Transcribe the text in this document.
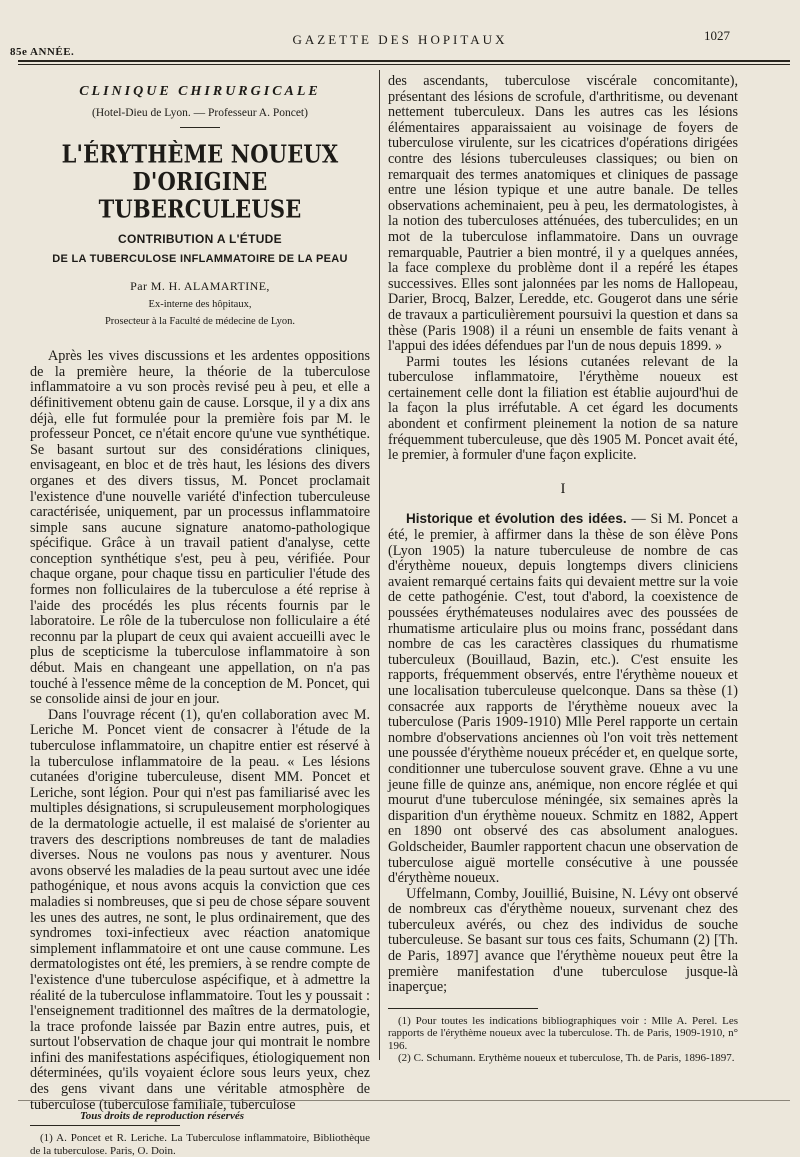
85e ANNÉE.
GAZETTE DES HOPITAUX	1027
CLINIQUE CHIRURGICALE
(Hotel-Dieu de Lyon. — Professeur A. Poncet)
L'ÉRYTHÈME NOUEUX D'ORIGINE TUBERCULEUSE
CONTRIBUTION A L'ÉTUDE
DE LA TUBERCULOSE INFLAMMATOIRE DE LA PEAU
Par M. H. ALAMARTINE,
Ex-interne des hôpitaux,
Prosecteur à la Faculté de médecine de Lyon.

Après les vives discussions et les ardentes oppositions de la première heure, la théorie de la tuberculose inflammatoire a vu son procès revisé peu à peu, et elle a définitivement obtenu gain de cause. Lorsque, il y a dix ans déjà, elle fut formulée pour la première fois par M. le professeur Poncet, ce n'était encore qu'une vue synthétique. Se basant surtout sur des considérations cliniques, envisageant, en bloc et de très haut, les lésions des divers organes et des divers tissus, M. Poncet proclamait l'existence d'une nouvelle variété d'infection tuberculeuse caractérisée, uniquement, par un processus inflammatoire simple sans aucune signature anatomo-pathologique spécifique. Grâce à un travail patient d'analyse, cette conception synthétique s'est, peu à peu, vérifiée. Pour chaque organe, pour chaque tissu en particulier l'étude des formes non folliculaires de la tuberculose a été reprise à l'aide des procédés les plus récents fournis par le laboratoire. Le rôle de la tuberculose non folliculaire a été reconnu par la plupart de ceux qui avaient accueilli avec le plus de scepticisme la tuberculose inflammatoire à son début. Mais en changeant une appellation, on n'a pas touché à l'essence même de la conception de M. Poncet, qui se consolide ainsi de jour en jour.

Dans l'ouvrage récent (1), qu'en collaboration avec M. Leriche M. Poncet vient de consacrer à l'étude de la tuberculose inflammatoire, un chapitre entier est réservé à la tuberculose inflammatoire de la peau. « Les lésions cutanées d'origine tuberculeuse, disent MM. Poncet et Leriche, sont légion. Pour qui n'est pas familiarisé avec les multiples désignations, si scrupuleusement morphologiques de la dermatologie actuelle, il est malaisé de s'orienter au travers des descriptions nombreuses de tant de maladies diverses. Nous ne voulons pas nous y aventurer. Nous avons observé les maladies de la peau surtout avec une idée pathogénique, et nous avons acquis la conviction que ces maladies si nombreuses, que si peu de chose sépare souvent les unes des autres, ne sont, le plus ordinairement, que des syndromes toxi-infectieux avec réaction anatomique simplement inflammatoire et ont une cause commune. Les dermatologistes ont été, les premiers, à se rendre compte de l'existence d'une tuberculose aspécifique, et à admettre la réalité de la tuberculose inflammatoire. Tout les y poussait : l'enseignement traditionnel des maîtres de la dermatologie, la trace profonde laissée par Bazin entre autres, puis, et surtout l'observation de chaque jour qui montrait le nombre infini des manifestations aspécifiques, étiologiquement non déterminées, qu'ils voyaient éclore sous leurs yeux, chez des gens vivant dans une véritable atmosphère de tuberculose (tuberculose familiale, tuberculose

(1) A. Poncet et R. Leriche. La Tuberculose inflammatoire, Bibliothèque de la tuberculose. Paris, O. Doin.

des ascendants, tuberculose viscérale concomitante), présentant des lésions de scrofule, d'arthritisme, ou devenant nettement tuberculeux. Dans les autres cas les lésions élémentaires apparaissaient au voisinage de foyers de tuberculose virulente, sur les cicatrices d'opérations dirigées contre des lésions tuberculeuses classiques; ou bien on remarquait des termes anatomiques et cliniques de passage entre une lésion typique et une autre banale. De telles observations acheminaient, peu à peu, les dermatologistes, à la notion des tuberculoses atténuées, des tuberculides; en un mot de la tuberculose inflammatoire. Dans un ouvrage remarquable, Pautrier a bien montré, il y a quelques années, la face complexe du problème dont il a repéré les étapes successives. Elles sont jalonnées par les noms de Hallopeau, Darier, Brocq, Balzer, Leredde, etc. Gougerot dans une série de travaux a particulièrement poursuivi la question et dans sa thèse (Paris 1908) il a réuni un ensemble de faits venant à l'appui des idées défendues par l'un de nous depuis 1899. »

Parmi toutes les lésions cutanées relevant de la tuberculose inflammatoire, l'érythème noueux est certainement celle dont la filiation est établie aujourd'hui de la façon la plus irréfutable. A cet égard les documents abondent et confirment pleinement la notion de sa nature fréquemment tuberculeuse, que dès 1905 M. Poncet avait été, le premier, à formuler d'une façon explicite.

I

Historique et évolution des idées. — Si M. Poncet a été, le premier, à affirmer dans la thèse de son élève Pons (Lyon 1905) la nature tuberculeuse de nombre de cas d'érythème noueux, depuis longtemps divers cliniciens avaient remarqué certains faits qui devaient mettre sur la voie de cette pathogénie. C'est, tout d'abord, la coexistence de poussées érythémateuses nodulaires avec des poussées de rhumatisme articulaire plus ou moins franc, possédant dans nombre de cas les caractères classiques du rhumatisme tuberculeux (Bouillaud, Bazin, etc.). C'est ensuite les rapports, fréquemment observés, entre l'érythème noueux et une localisation tuberculeuse quelconque. Dans sa thèse (1) consacrée aux rapports de l'érythème noueux avec la tuberculose (Paris 1909-1910) Mlle Perel rapporte un certain nombre d'observations anciennes où l'on voit très nettement une poussée d'érythème noueux précéder et, en quelque sorte, conditionner une tuberculose souvent grave. Œhne a vu une jeune fille de quinze ans, anémique, non encore réglée et qui mourut d'une tuberculose méningée, six semaines après la disparition d'un érythème noueux. Schmitz en 1882, Appert en 1890 ont observé des cas absolument analogues. Goldscheider, Baumler rapportent chacun une observation de tuberculose aiguë mortelle consécutive à une poussée d'érythème noueux.

Uffelmann, Comby, Jouillié, Buisine, N. Lévy ont observé de nombreux cas d'érythème noueux, survenant chez des tuberculeux avérés, ou chez des individus de souche tuberculeuse. Se basant sur tous ces faits, Schumann (2) [Th. de Paris, 1897] avance que l'érythème noueux peut être la première manifestation d'une tuberculose jusque-là inaperçue;

(1) Pour toutes les indications bibliographiques voir : Mlle A. Perel. Les rapports de l'érythème noueux avec la tuberculose. Th. de Paris, 1909-1910, n° 196.

(2) C. Schumann. Erythème noueux et tuberculose, Th. de Paris, 1896-1897.

Tous droits de reproduction réservés
